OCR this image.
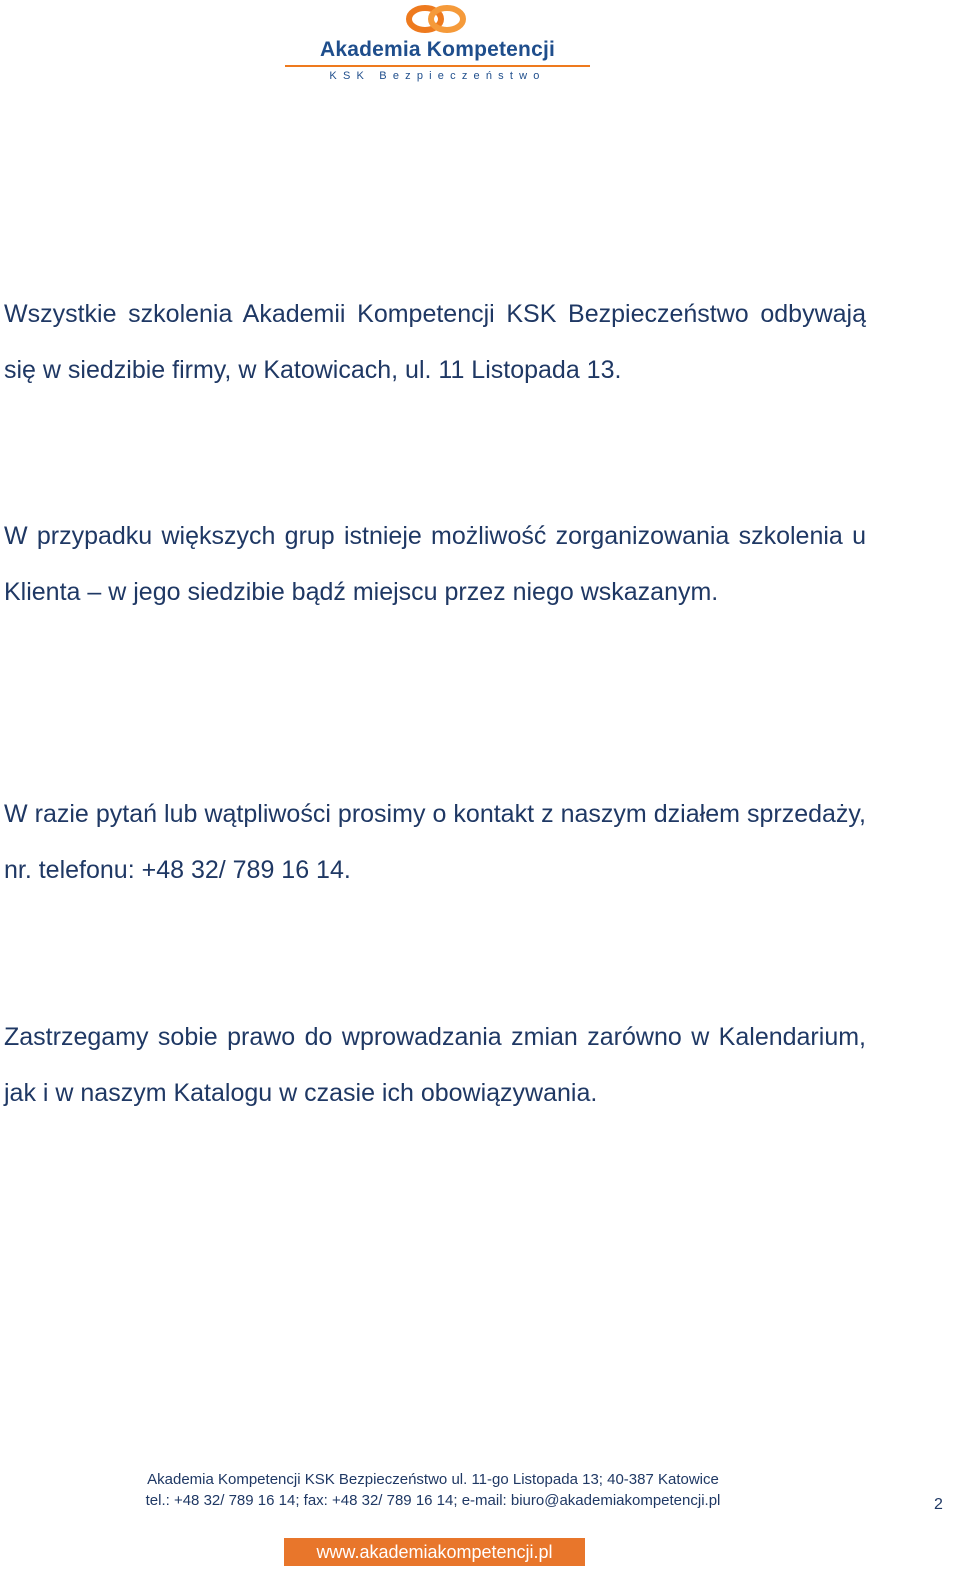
Akademia Kompetencji
KSK Bezpieczeństwo

Wszystkie szkolenia Akademii Kompetencji KSK Bezpieczeństwo odbywają się w siedzibie firmy, w Katowicach, ul. 11 Listopada 13.

W przypadku większych grup istnieje możliwość zorganizowania szkolenia u Klienta – w jego siedzibie bądź miejscu przez niego wskazanym.

W razie pytań lub wątpliwości prosimy o kontakt z naszym działem sprzedaży, nr. telefonu: +48 32/ 789 16 14.

Zastrzegamy sobie prawo do wprowadzania zmian zarówno w Kalendarium, jak i w naszym Katalogu w czasie ich obowiązywania.

Akademia Kompetencji KSK Bezpieczeństwo ul. 11-go Listopada 13; 40-387 Katowice
tel.: +48 32/ 789 16 14; fax: +48 32/ 789 16 14; e-mail: biuro@akademiakompetencji.pl	2
www.akademiakompetencji.pl
